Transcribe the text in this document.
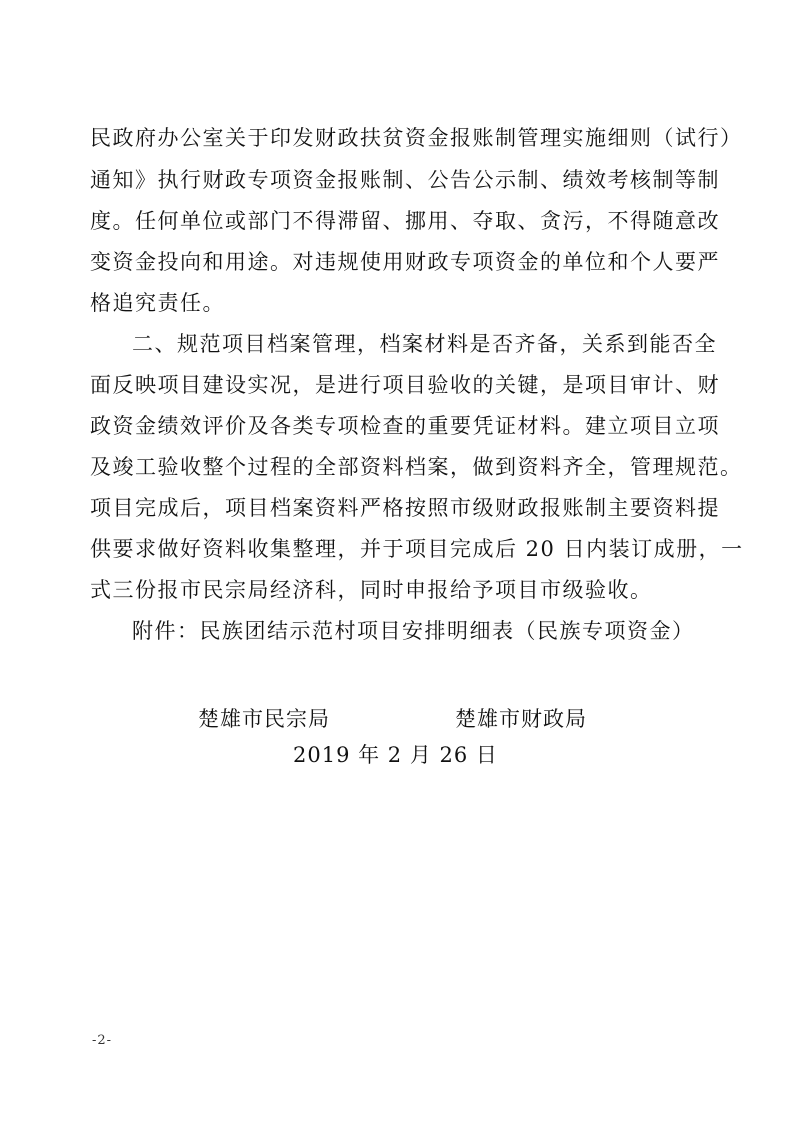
民政府办公室关于印发财政扶贫资金报账制管理实施细则（试行）
通知》执行财政专项资金报账制、公告公示制、绩效考核制等制
度。任何单位或部门不得滞留、挪用、夺取、贪污，不得随意改
变资金投向和用途。对违规使用财政专项资金的单位和个人要严
格追究责任。
二、规范项目档案管理，档案材料是否齐备，关系到能否全
面反映项目建设实况，是进行项目验收的关键，是项目审计、财
政资金绩效评价及各类专项检查的重要凭证材料。建立项目立项
及竣工验收整个过程的全部资料档案，做到资料齐全，管理规范。
项目完成后，项目档案资料严格按照市级财政报账制主要资料提
供要求做好资料收集整理，并于项目完成后 20 日内装订成册，一
式三份报市民宗局经济科，同时申报给予项目市级验收。
附件：民族团结示范村项目安排明细表（民族专项资金）
楚雄市民宗局	楚雄市财政局
2019 年 2 月 26 日
-2-
